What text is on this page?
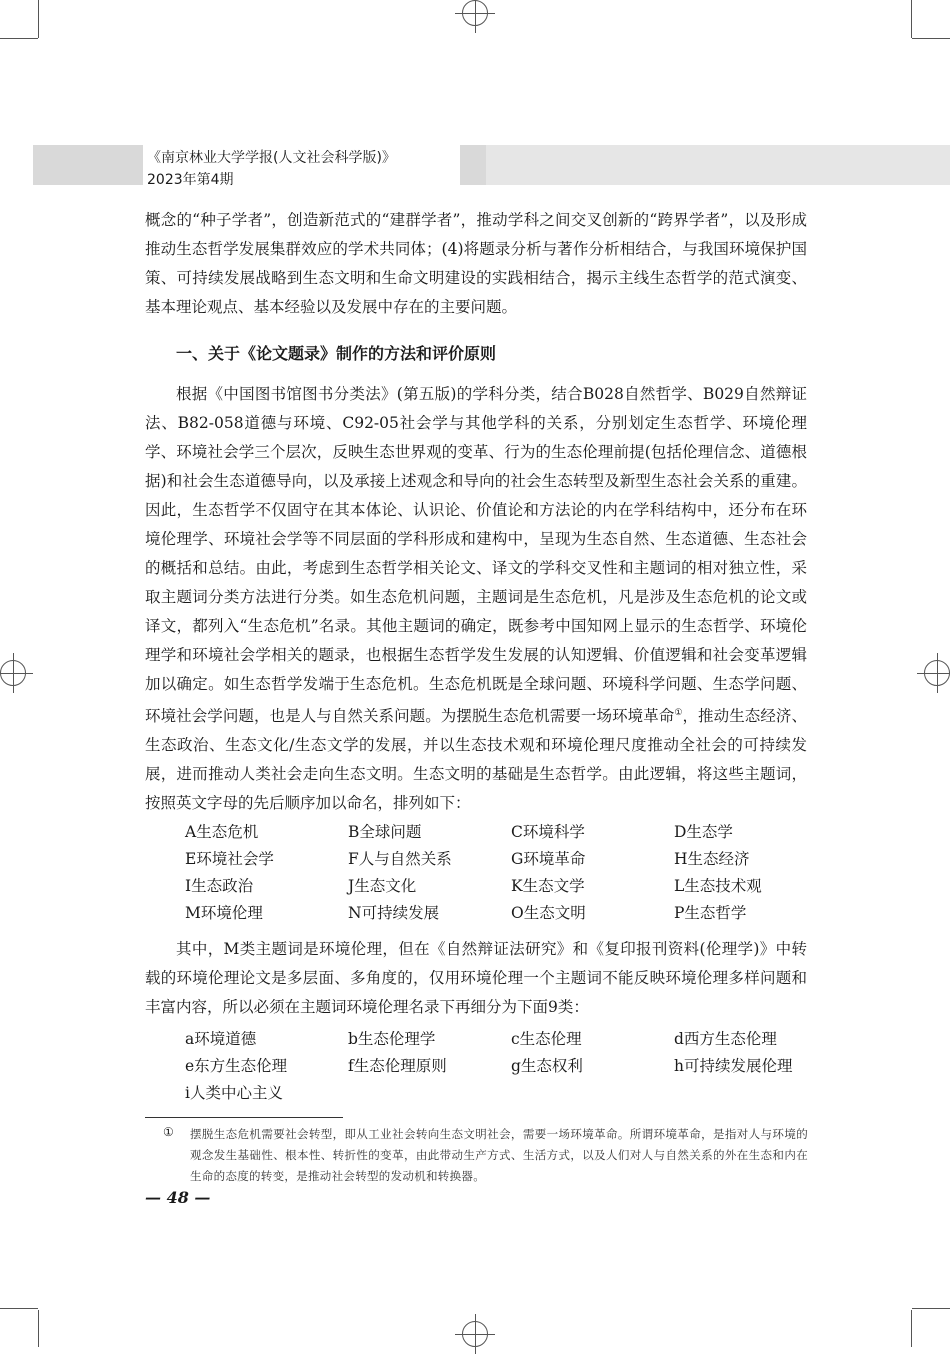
《南京林业大学学报(人文社会科学版)》
2023年第4期

概念的“种子学者”，创造新范式的“建群学者”，推动学科之间交叉创新的“跨界学者”，以及形成推动生态哲学发展集群效应的学术共同体；(4)将题录分析与著作分析相结合，与我国环境保护国策、可持续发展战略到生态文明和生命文明建设的实践相结合，揭示主线生态哲学的范式演变、基本理论观点、基本经验以及发展中存在的主要问题。

一、关于《论文题录》制作的方法和评价原则

根据《中国图书馆图书分类法》(第五版)的学科分类，结合B028自然哲学、B029自然辩证法、B82-058道德与环境、C92-05社会学与其他学科的关系，分别划定生态哲学、环境伦理学、环境社会学三个层次，反映生态世界观的变革、行为的生态伦理前提(包括伦理信念、道德根据)和社会生态道德导向，以及承接上述观念和导向的社会生态转型及新型生态社会关系的重建。因此，生态哲学不仅固守在其本体论、认识论、价值论和方法论的内在学科结构中，还分布在环境伦理学、环境社会学等不同层面的学科形成和建构中，呈现为生态自然、生态道德、生态社会的概括和总结。由此，考虑到生态哲学相关论文、译文的学科交叉性和主题词的相对独立性，采取主题词分类方法进行分类。如生态危机问题，主题词是生态危机，凡是涉及生态危机的论文或译文，都列入“生态危机”名录。其他主题词的确定，既参考中国知网上显示的生态哲学、环境伦理学和环境社会学相关的题录，也根据生态哲学发生发展的认知逻辑、价值逻辑和社会变革逻辑加以确定。如生态哲学发端于生态危机。生态危机既是全球问题、环境科学问题、生态学问题、环境社会学问题，也是人与自然关系问题。为摆脱生态危机需要一场环境革命①，推动生态经济、生态政治、生态文化/生态文学的发展，并以生态技术观和环境伦理尺度推动全社会的可持续发展，进而推动人类社会走向生态文明。生态文明的基础是生态哲学。由此逻辑，将这些主题词，按照英文字母的先后顺序加以命名，排列如下：

A生态危机	B全球问题	C环境科学	D生态学
E环境社会学	F人与自然关系	G环境革命	H生态经济
I生态政治	J生态文化	K生态文学	L生态技术观
M环境伦理	N可持续发展	O生态文明	P生态哲学

其中，M类主题词是环境伦理，但在《自然辩证法研究》和《复印报刊资料(伦理学)》中转载的环境伦理论文是多层面、多角度的，仅用环境伦理一个主题词不能反映环境伦理多样问题和丰富内容，所以必须在主题词环境伦理名录下再细分为下面9类：

a环境道德	b生态伦理学	c生态伦理	d西方生态伦理
e东方生态伦理	f生态伦理原则	g生态权利	h可持续发展伦理
i人类中心主义
① 摆脱生态危机需要社会转型，即从工业社会转向生态文明社会，需要一场环境革命。所谓环境革命，是指对人与环境的观念发生基础性、根本性、转折性的变革，由此带动生产方式、生活方式，以及人们对人与自然关系的外在生态和内在生命的态度的转变，是推动社会转型的发动机和转换器。
— 48 —
